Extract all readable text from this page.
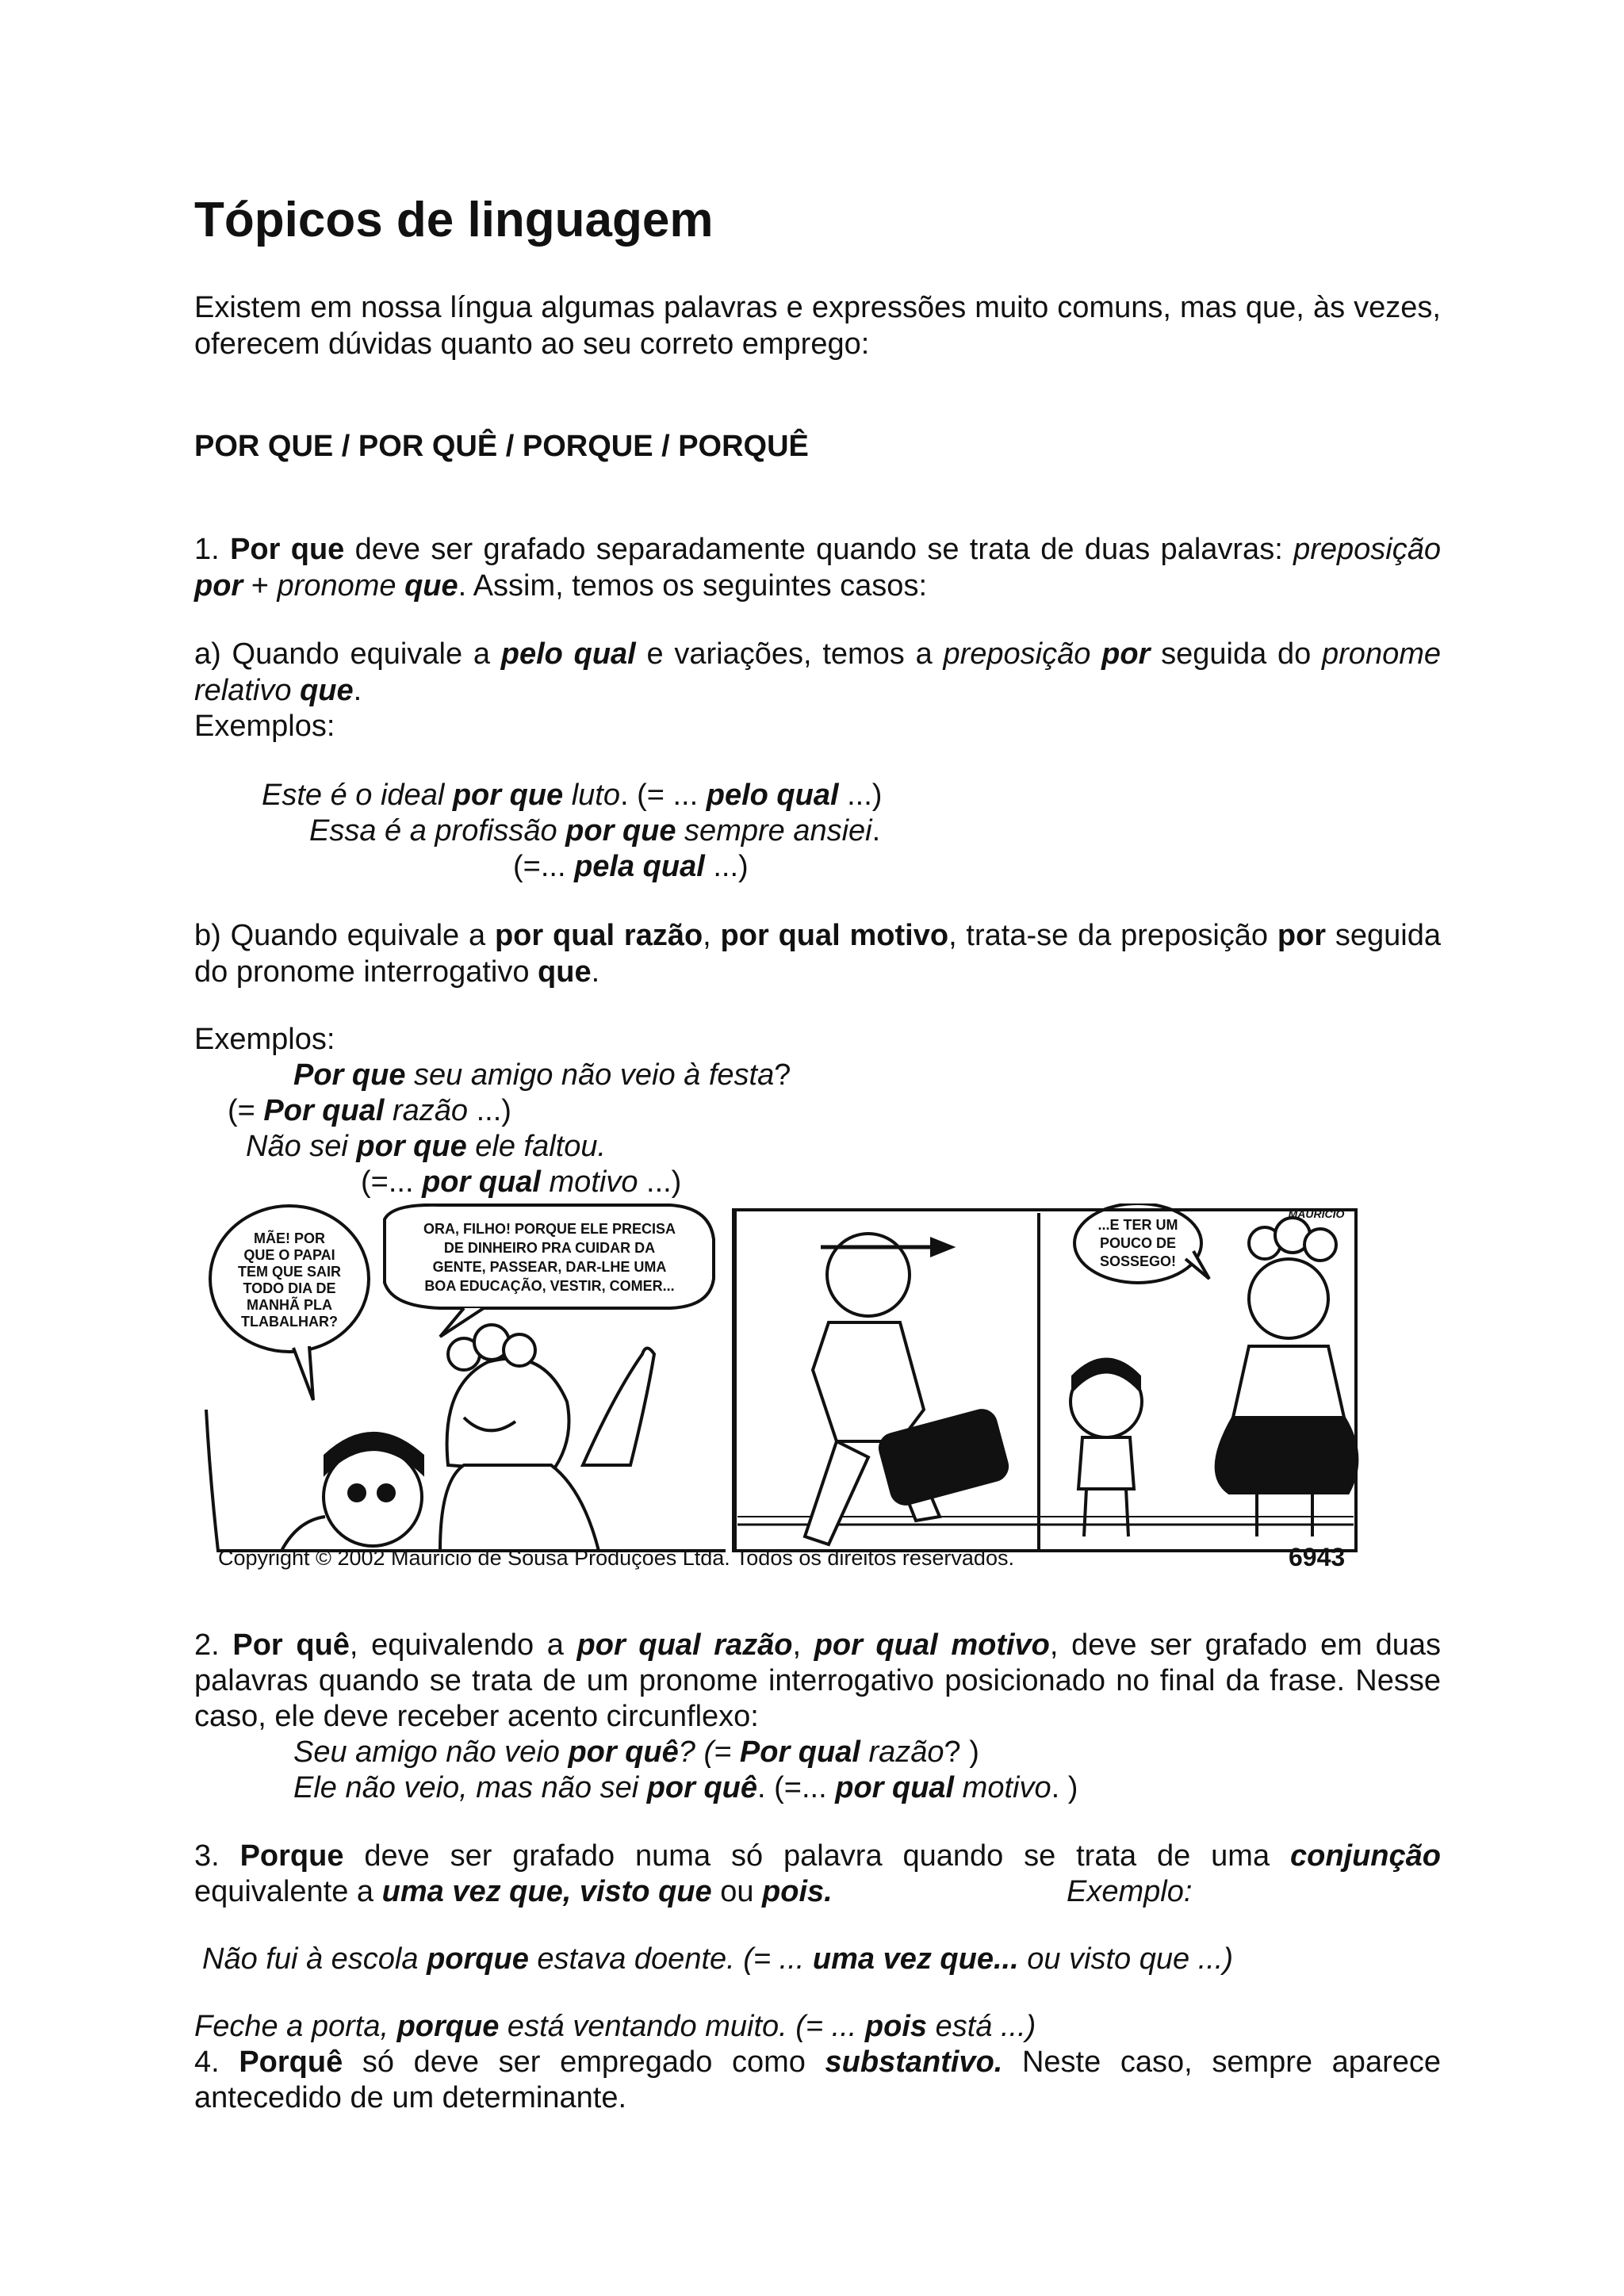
Tópicos de linguagem
Existem em nossa língua algumas palavras e expressões muito comuns, mas que, às vezes,
oferecem dúvidas quanto ao seu correto emprego:
POR QUE / POR QUÊ / PORQUE / PORQUÊ
1. Por que deve ser grafado separadamente quando se trata de duas palavras: preposição
por + pronome que. Assim, temos os seguintes casos:
a) Quando equivale a pelo qual e variações, temos a preposição por seguida do pronome
relativo que.
Exemplos:
Este é o ideal por que luto. (= ... pelo qual ...)
Essa é a profissão por que sempre ansiei.
(=... pela qual ...)
b) Quando equivale a por qual razão, por qual motivo, trata-se da preposição por seguida
do pronome interrogativo que.
Exemplos:
Por que seu amigo não veio à festa?
(= Por qual razão ...)
Não sei por que ele faltou.
(=... por qual motivo ...)
MÃE! POR
QUE O PAPAI
TEM QUE SAIR
TODO DIA DE
MANHÃ PLA
TLABALHAR?
ORA, FILHO! PORQUE ELE PRECISA
DE DINHEIRO PRA CUIDAR DA
GENTE, PASSEAR, DAR-LHE UMA
BOA EDUCAÇÃO, VESTIR, COMER...
...E TER UM
POUCO DE
SOSSEGO!
MAURICIO
Copyright © 2002 Mauricio de Sousa Produções Ltda. Todos os direitos reservados.	6943
2. Por quê, equivalendo a por qual razão, por qual motivo, deve ser grafado em duas
palavras quando se trata de um pronome interrogativo posicionado no final da frase. Nesse
caso, ele deve receber acento circunflexo:
Seu amigo não veio por quê? (= Por qual razão? )
Ele não veio, mas não sei por quê. (=... por qual motivo. )
3. Porque deve ser grafado numa só palavra quando se trata de uma conjunção
equivalente a uma vez que, visto que ou pois.	Exemplo:
Não fui à escola porque estava doente. (= ... uma vez que... ou visto que ...)
Feche a porta, porque está ventando muito. (= ... pois está ...)
4. Porquê só deve ser empregado como substantivo. Neste caso, sempre aparece
antecedido de um determinante.
